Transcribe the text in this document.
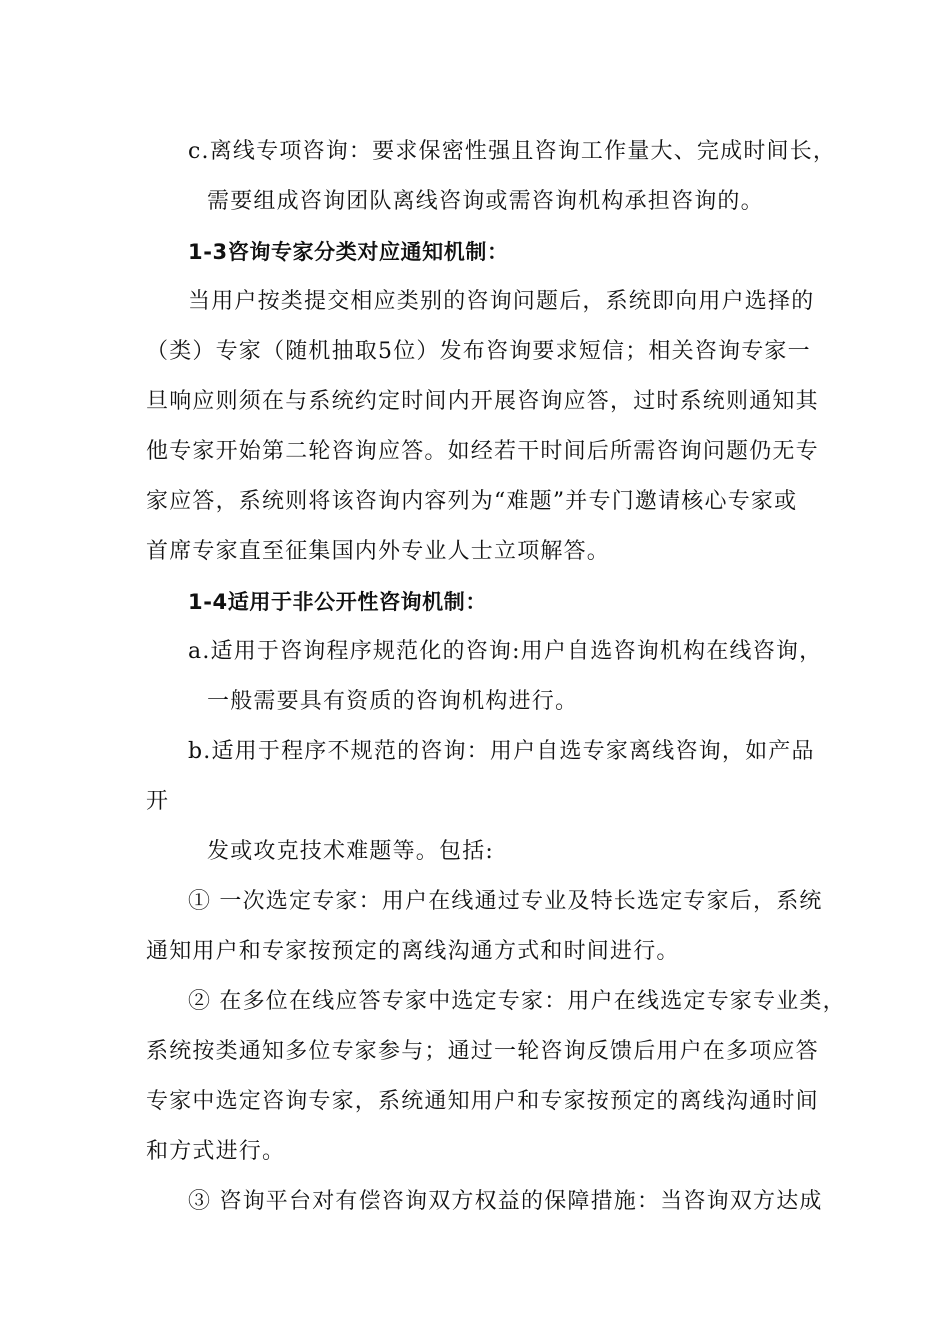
c.离线专项咨询：要求保密性强且咨询工作量大、完成时间长，
需要组成咨询团队离线咨询或需咨询机构承担咨询的。
1-3咨询专家分类对应通知机制：
当用户按类提交相应类别的咨询问题后，系统即向用户选择的
（类）专家（随机抽取5位）发布咨询要求短信；相关咨询专家一
旦响应则须在与系统约定时间内开展咨询应答，过时系统则通知其
他专家开始第二轮咨询应答。如经若干时间后所需咨询问题仍无专
家应答，系统则将该咨询内容列为“难题”并专门邀请核心专家或
首席专家直至征集国内外专业人士立项解答。
1-4适用于非公开性咨询机制：
a.适用于咨询程序规范化的咨询:用户自选咨询机构在线咨询，
一般需要具有资质的咨询机构进行。
b.适用于程序不规范的咨询：用户自选专家离线咨询，如产品
开
发或攻克技术难题等。包括:
① 一次选定专家：用户在线通过专业及特长选定专家后，系统
通知用户和专家按预定的离线沟通方式和时间进行。
② 在多位在线应答专家中选定专家：用户在线选定专家专业类，
系统按类通知多位专家参与；通过一轮咨询反馈后用户在多项应答
专家中选定咨询专家，系统通知用户和专家按预定的离线沟通时间
和方式进行。
③ 咨询平台对有偿咨询双方权益的保障措施：当咨询双方达成
